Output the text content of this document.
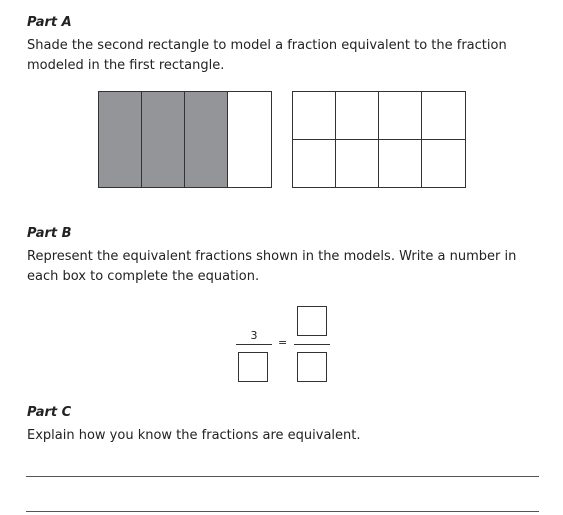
Part A

Shade the second rectangle to model a fraction equivalent to the fraction modeled in the first rectangle.

Part B

Represent the equivalent fractions shown in the models. Write a number in each box to complete the equation.

3
=

Part C

Explain how you know the fractions are equivalent.
